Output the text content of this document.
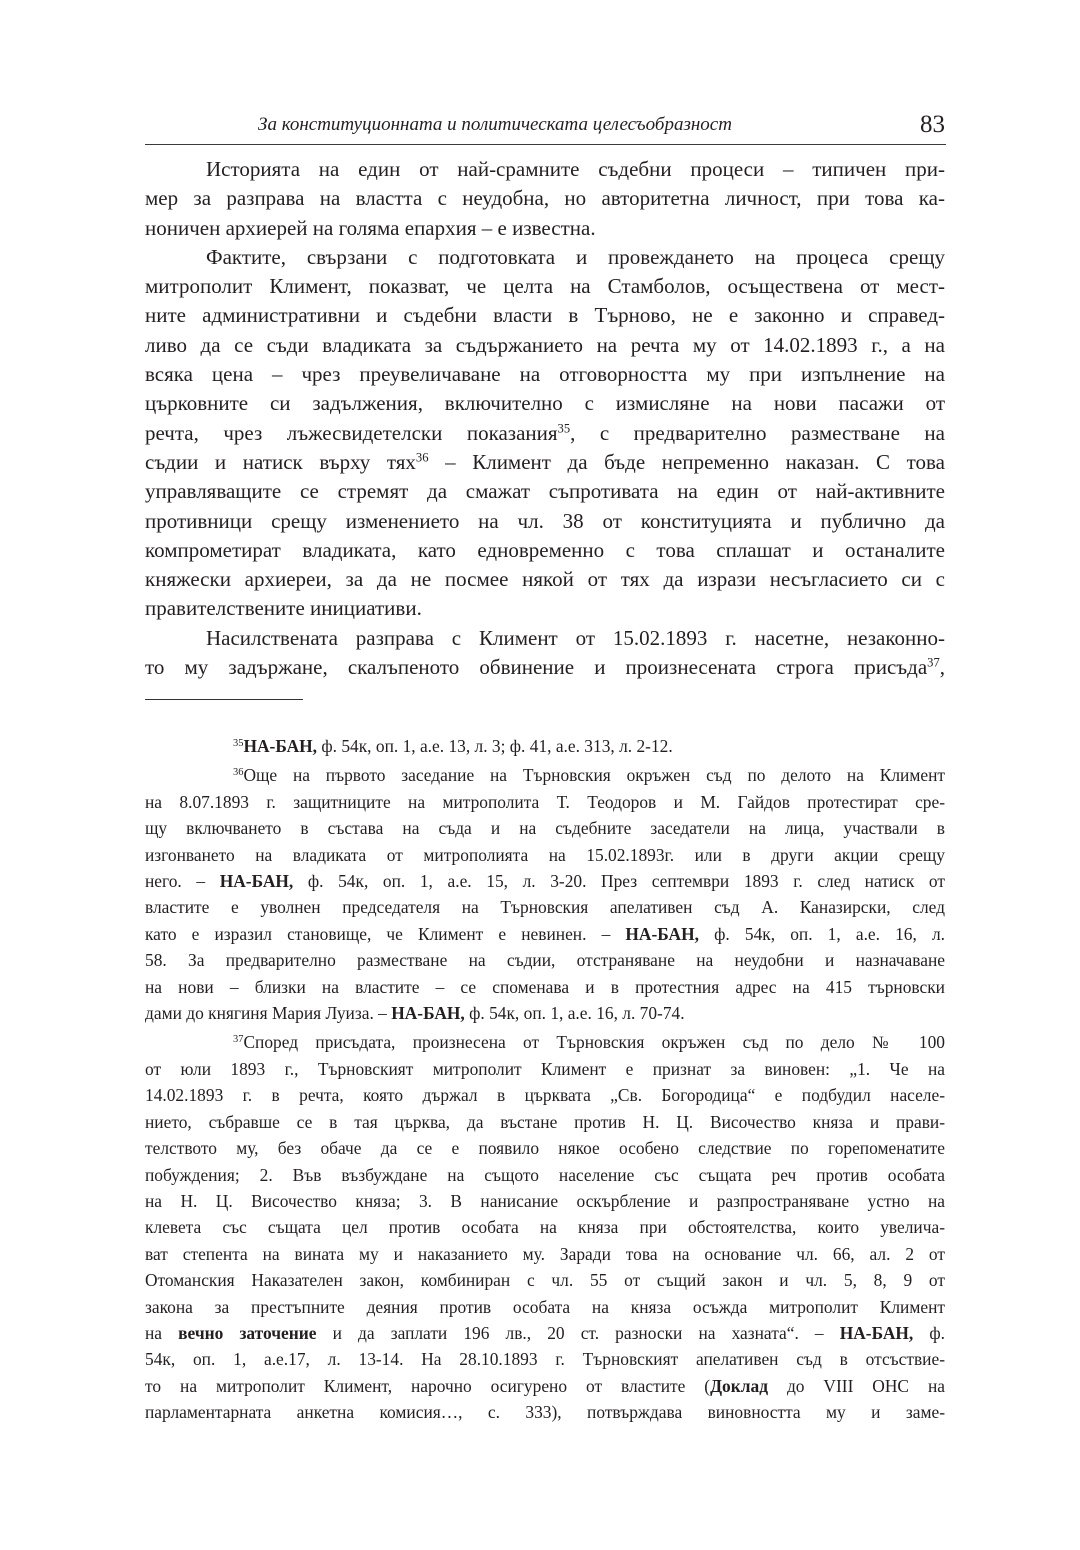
За конституционната и политическата целесъобразност	83
Историята на един от най-срамните съдебни процеси – типичен при-
мер за разправа на властта с неудобна, но авторитетна личност, при това ка-
ноничен архиерей на голяма епархия – е известна.
Фактите, свързани с подготовката и провеждането на процеса срещу
митрополит Климент, показват, че целта на Стамболов, осъществена от мест-
ните административни и съдебни власти в Търново, не е законно и справед-
ливо да се съди владиката за съдържанието на речта му от 14.02.1893 г., а на
всяка цена – чрез преувеличаване на отговорността му при изпълнение на
църковните си задължения, включително с измисляне на нови пасажи от
речта, чрез лъжесвидетелски показания$^{35}$, с предварително разместване на
съдии и натиск върху тях$^{36}$ – Климент да бъде непременно наказан. С това
управляващите се стремят да смажат съпротивата на един от най-активните
противници срещу изменението на чл. 38 от конституцията и публично да
компрометират владиката, като едновременно с това сплашат и останалите
княжески архиереи, за да не посмее някой от тях да изрази несъгласието си с
правителствените инициативи.
Насилствената разправа с Климент от 15.02.1893 г. насетне, незаконно-
то му задържане, скалъпеното обвинение и произнесената строга присъда$^{37}$,
$^{35}$НА-БАН, ф. 54к, оп. 1, а.е. 13, л. 3; ф. 41, а.е. 313, л. 2-12.
$^{36}$Още на първото заседание на Търновския окръжен съд по делото на Климент
на 8.07.1893 г. защитниците на митрополита Т. Теодоров и М. Гайдов протестират сре-
щу включването в състава на съда и на съдебните заседатели на лица, участвали в
изгонването на владиката от митрополията на 15.02.1893г. или в други акции срещу
него. – НА-БАН, ф. 54к, оп. 1, а.е. 15, л. 3-20. През септември 1893 г. след натиск от
властите е уволнен председателя на Търновския апелативен съд А. Каназирски, след
като е изразил становище, че Климент е невинен. – НА-БАН, ф. 54к, оп. 1, а.е. 16, л.
58. За предварително разместване на съдии, отстраняване на неудобни и назначаване
на нови – близки на властите – се споменава и в протестния адрес на 415 търновски
дами до княгиня Мария Луиза. – НА-БАН, ф. 54к, оп. 1, а.е. 16, л. 70-74.
$^{37}$Според присъдата, произнесена от Търновския окръжен съд по дело № 100
от юли 1893 г., Търновският митрополит Климент е признат за виновен: „1. Че на
14.02.1893 г. в речта, която държал в църквата „Св. Богородица“ е подбудил населе-
нието, събравше се в тая църква, да въстане против Н. Ц. Височество княза и прави-
телството му, без обаче да се е появило някое особено следствие по горепоменатите
побуждения; 2. Във възбуждане на същото население със същата реч против особата
на Н. Ц. Височество княза; 3. В нанисание оскърбление и разпространяване устно на
клевета със същата цел против особата на княза при обстоятелства, които увелича-
ват степента на вината му и наказанието му. Заради това на основание чл. 66, ал. 2 от
Отоманския Наказателен закон, комбиниран с чл. 55 от същий закон и чл. 5, 8, 9 от
закона за престъпните деяния против особата на княза осъжда митрополит Климент
на вечно заточение и да заплати 196 лв., 20 ст. разноски на хазната“. – НА-БАН, ф.
54к, оп. 1, а.е.17, л. 13-14. На 28.10.1893 г. Търновският апелативен съд в отсъствие-
то на митрополит Климент, нарочно осигурено от властите (Доклад до VIII ОНС на
парламентарната анкетна комисия…, с. 333), потвърждава виновността му и заме-
